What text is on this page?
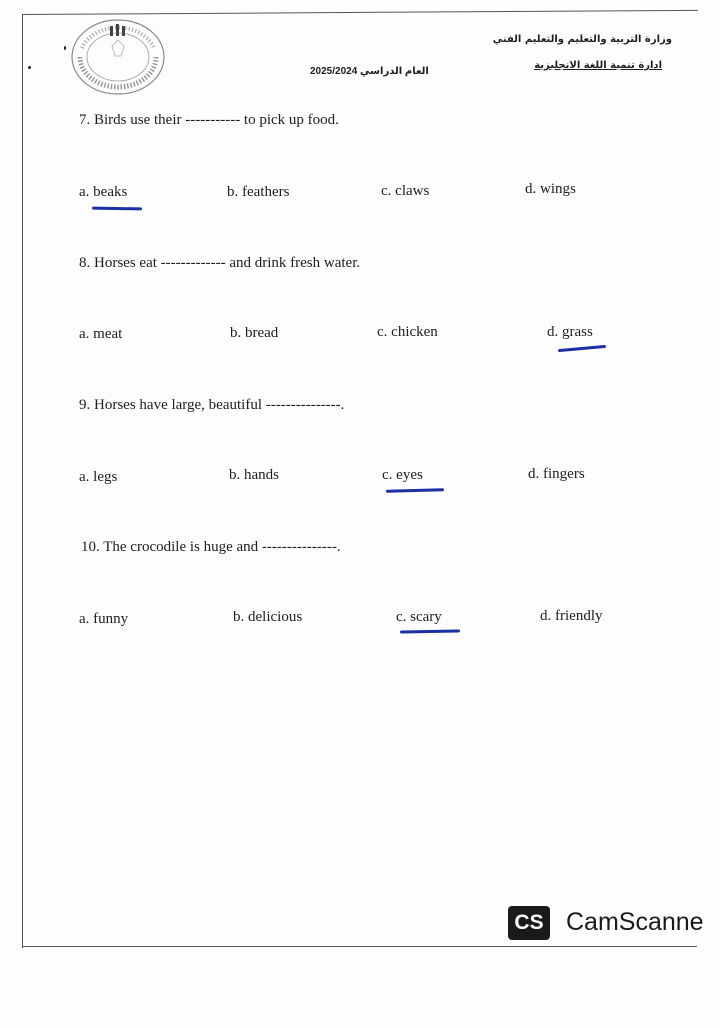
العام الدراسي 2025/2024
وزارة التربية والتعليم والتعليم الفني
ادارة تنمية اللغة الانجليزية
7. Birds use their ----------- to pick up food.
a. beaks	b. feathers	c. claws	d. wings
8. Horses eat ------------- and drink fresh water.
a. meat	b. bread	c. chicken	d. grass
9. Horses have large, beautiful ---------------.
a. legs	b. hands	c. eyes	d. fingers
10. The crocodile is huge and ---------------.
a. funny	b. delicious	c. scary	d. friendly
CS CamScanne
